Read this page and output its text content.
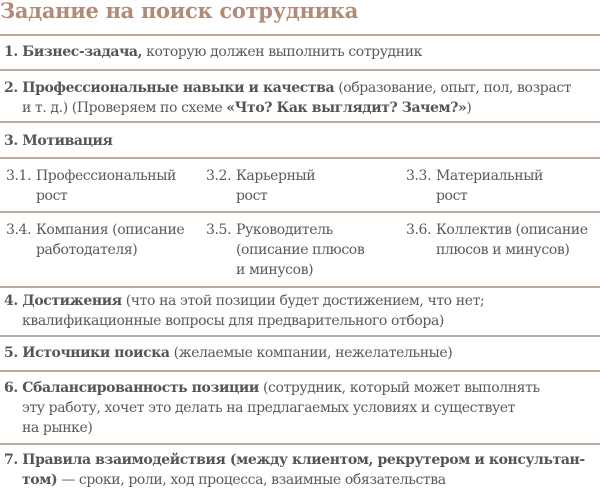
Задание на поиск сотрудника
1. Бизнес-задача, которую должен выполнить сотрудник
2. Профессиональные навыки и качества (образование, опыт, пол, возраст
и т. д.) (Проверяем по схеме «Что? Как выглядит? Зачем?»)
3. Мотивация
3.1. Профессиональный
рост
3.2. Карьерный
рост
3.3. Материальный
рост
3.4. Компания (описание
работодателя)
3.5. Руководитель
(описание плюсов
и минусов)
3.6. Коллектив (описание
плюсов и минусов)
4. Достижения (что на этой позиции будет достижением, что нет;
квалификационные вопросы для предварительного отбора)
5. Источники поиска (желаемые компании, нежелательные)
6. Сбалансированность позиции (сотрудник, который может выполнять
эту работу, хочет это делать на предлагаемых условиях и существует
на рынке)
7. Правила взаимодействия (между клиентом, рекрутером и консультан-
том) — сроки, роли, ход процесса, взаимные обязательства
